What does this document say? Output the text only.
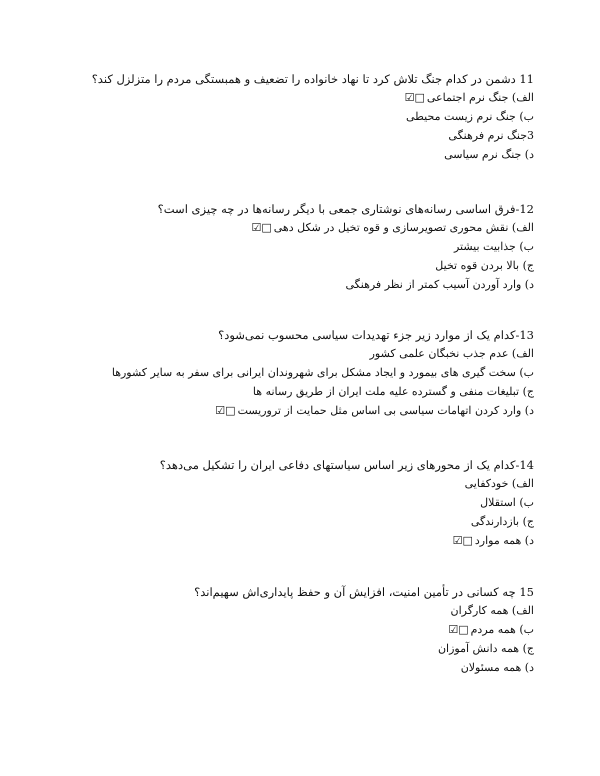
11 دشمن در کدام جنگ تلاش کرد تا نهاد خانواده را تضعیف و همبستگی مردم را متزلزل کند؟
الف) جنگ نرم اجتماعی□☑
ب) جنگ نرم زیست محیطی
3جنگ نرم فرهنگی
د) جنگ نرم سیاسی
12-فرق اساسی رسانه‌های نوشتاری جمعی با دیگر رسانه‌ها در چه چیزی است؟
الف) نقش محوری تصویرسازی و قوه تخیل در شکل دهی□☑
ب) جذابیت بیشتر
ج) بالا بردن قوه تخیل
د) وارد آوردن آسیب کمتر از نظر فرهنگی
13-کدام یک از موارد زیر جزء تهدیدات سیاسی محسوب نمی‌شود؟
الف) عدم جذب نخبگان علمی کشور
ب) سخت گیری های بیمورد و ایجاد مشکل برای شهروندان ایرانی برای سفر به سایر کشورها
ج) تبلیغات منفی و گسترده علیه ملت ایران از طریق رسانه ها
د) وارد کردن اتهامات سیاسی بی اساس مثل حمایت از تروریست□☑
14-کدام یک از محورهای زیر اساس سیاستهای دفاعی ایران را تشکیل می‌دهد؟
الف) خودکفایی
ب) استقلال
ج) بازدارندگی
د) همه موارد□☑
15 چه کسانی در تأمین امنیت، افزایش آن و حفظ پایداری‌اش سهیم‌اند؟
الف) همه کارگران
ب) همه مردم□☑
ج) همه دانش آموزان
د) همه مسئولان
